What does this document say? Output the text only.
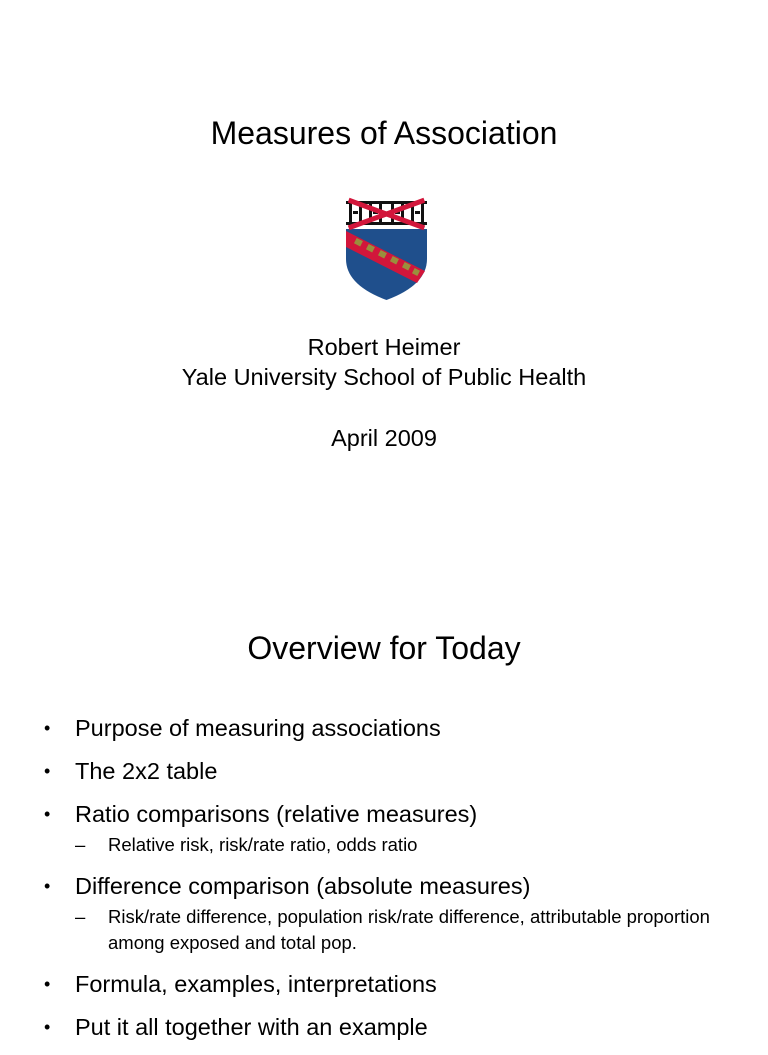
Measures of Association
Robert Heimer
Yale University School of Public Health
April 2009
Overview for Today
•	Purpose of measuring associations
•	The 2x2 table
•	Ratio comparisons (relative measures)
– Relative risk, risk/rate ratio, odds ratio
•	Difference comparison (absolute measures)
– Risk/rate difference, population risk/rate difference, attributable proportion among exposed and total pop.
•	Formula, examples, interpretations
•	Put it all together with an example
